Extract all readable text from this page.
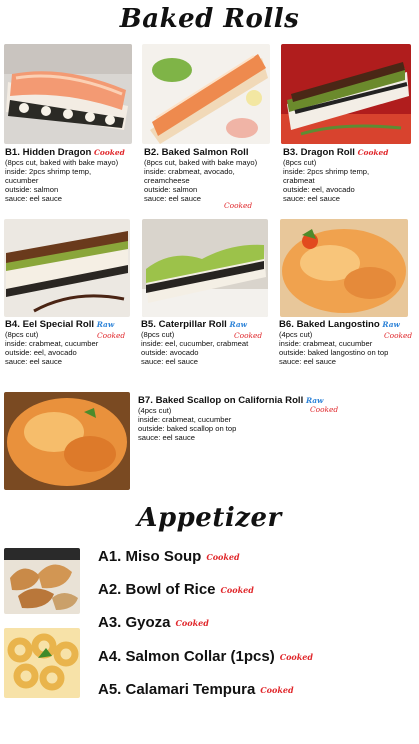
Baked Rolls
B1. Hidden Dragon Cooked
(8pcs cut, baked with bake mayo)
inside: 2pcs shrimp temp,
cucumber
outside: salmon
sauce: eel sauce
B2. Baked Salmon Roll
(8pcs cut, baked with bake mayo)
inside: crabmeat, avocado,
creamcheese
outside: salmon
sauce: eel sauce
Cooked
B3. Dragon Roll Cooked
(8pcs cut)
inside: 2pcs shrimp temp,
crabmeat
outside: eel, avocado
sauce: eel sauce
B4. Eel Special Roll Raw
(8pcs cut)
inside: crabmeat, cucumber
outside: eel, avocado
sauce: eel sauce
Cooked
B5. Caterpillar Roll Raw
(8pcs cut)
inside: eel, cucumber, crabmeat
outside: avocado
sauce: eel sauce
Cooked
B6. Baked Langostino Raw
(4pcs cut)
inside: crabmeat, cucumber
outside: baked langostino on top
sauce: eel sauce
Cooked
B7. Baked Scallop on California Roll Raw
(4pcs cut)
inside: crabmeat, cucumber
outside: baked scallop on top
sauce: eel sauce
Cooked
Appetizer
A1. Miso Soup Cooked
A2. Bowl of Rice Cooked
A3. Gyoza Cooked
A4. Salmon Collar (1pcs) Cooked
A5. Calamari Tempura Cooked
